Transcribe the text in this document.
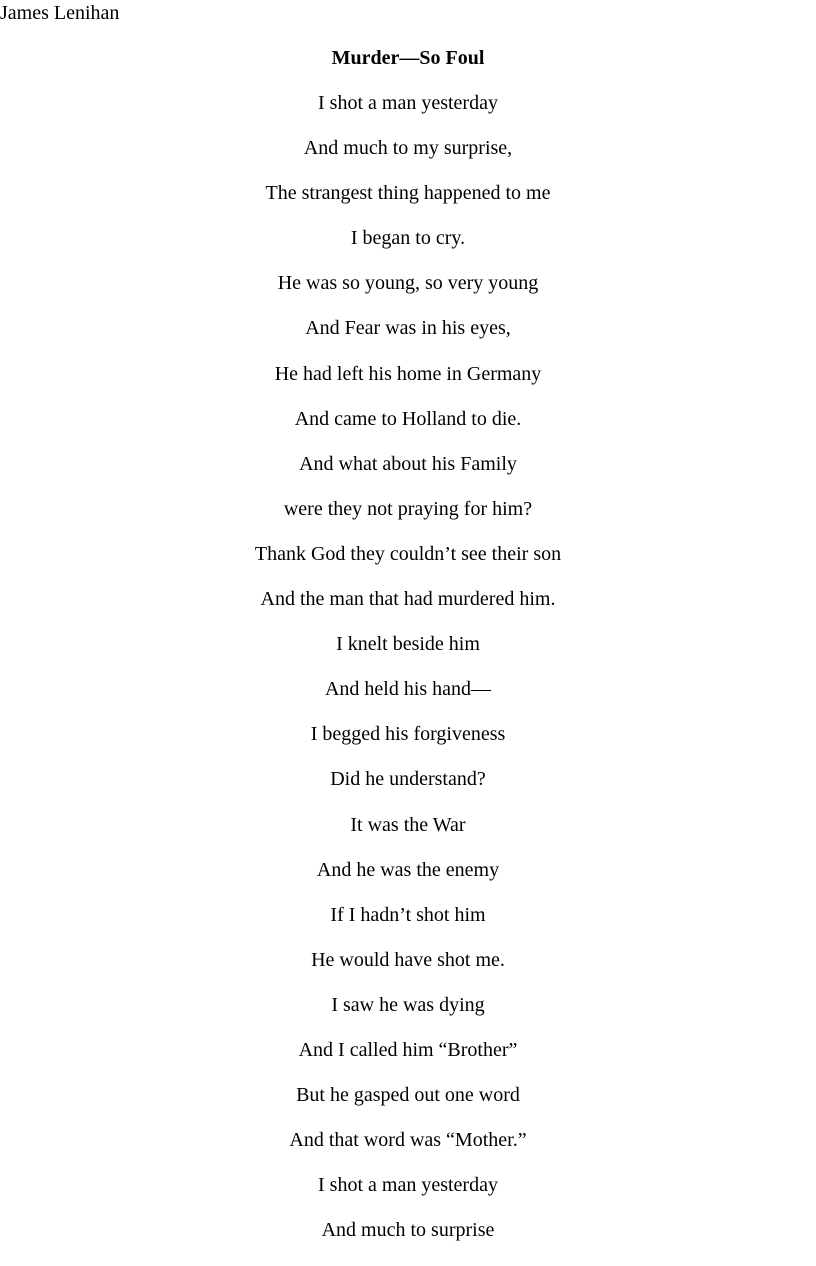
James Lenihan
Murder—So Foul
I shot a man yesterday
And much to my surprise,
The strangest thing happened to me
I began to cry.
He was so young, so very young
And Fear was in his eyes,
He had left his home in Germany
And came to Holland to die.
And what about his Family
were they not praying for him?
Thank God they couldn’t see their son
And the man that had murdered him.
I knelt beside him
And held his hand—
I begged his forgiveness
Did he understand?
It was the War
And he was the enemy
If I hadn’t shot him
He would have shot me.
I saw he was dying
And I called him “Brother”
But he gasped out one word
And that word was “Mother.”
I shot a man yesterday
And much to surprise
